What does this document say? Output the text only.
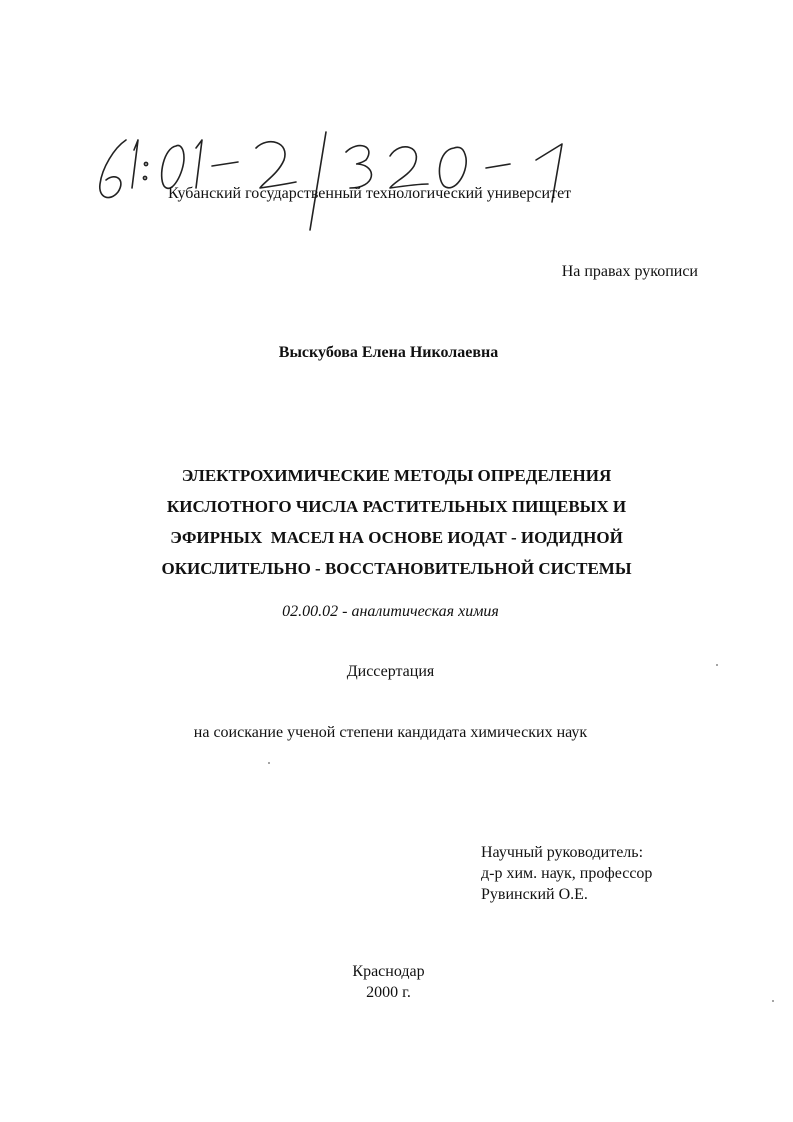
Кубанский государственный технологический университет
На правах рукописи
Выскубова Елена Николаевна
ЭЛЕКТРОХИМИЧЕСКИЕ МЕТОДЫ ОПРЕДЕЛЕНИЯ
КИСЛОТНОГО ЧИСЛА РАСТИТЕЛЬНЫХ ПИЩЕВЫХ И
ЭФИРНЫХ  МАСЕЛ НА ОСНОВЕ ИОДАТ - ИОДИДНОЙ
ОКИСЛИТЕЛЬНО - ВОССТАНОВИТЕЛЬНОЙ СИСТЕМЫ
02.00.02 - аналитическая химия
Диссертация
на соискание ученой степени кандидата химических наук
Научный руководитель:
д-р хим. наук, профессор
Рувинский О.Е.
Краснодар
2000 г.
